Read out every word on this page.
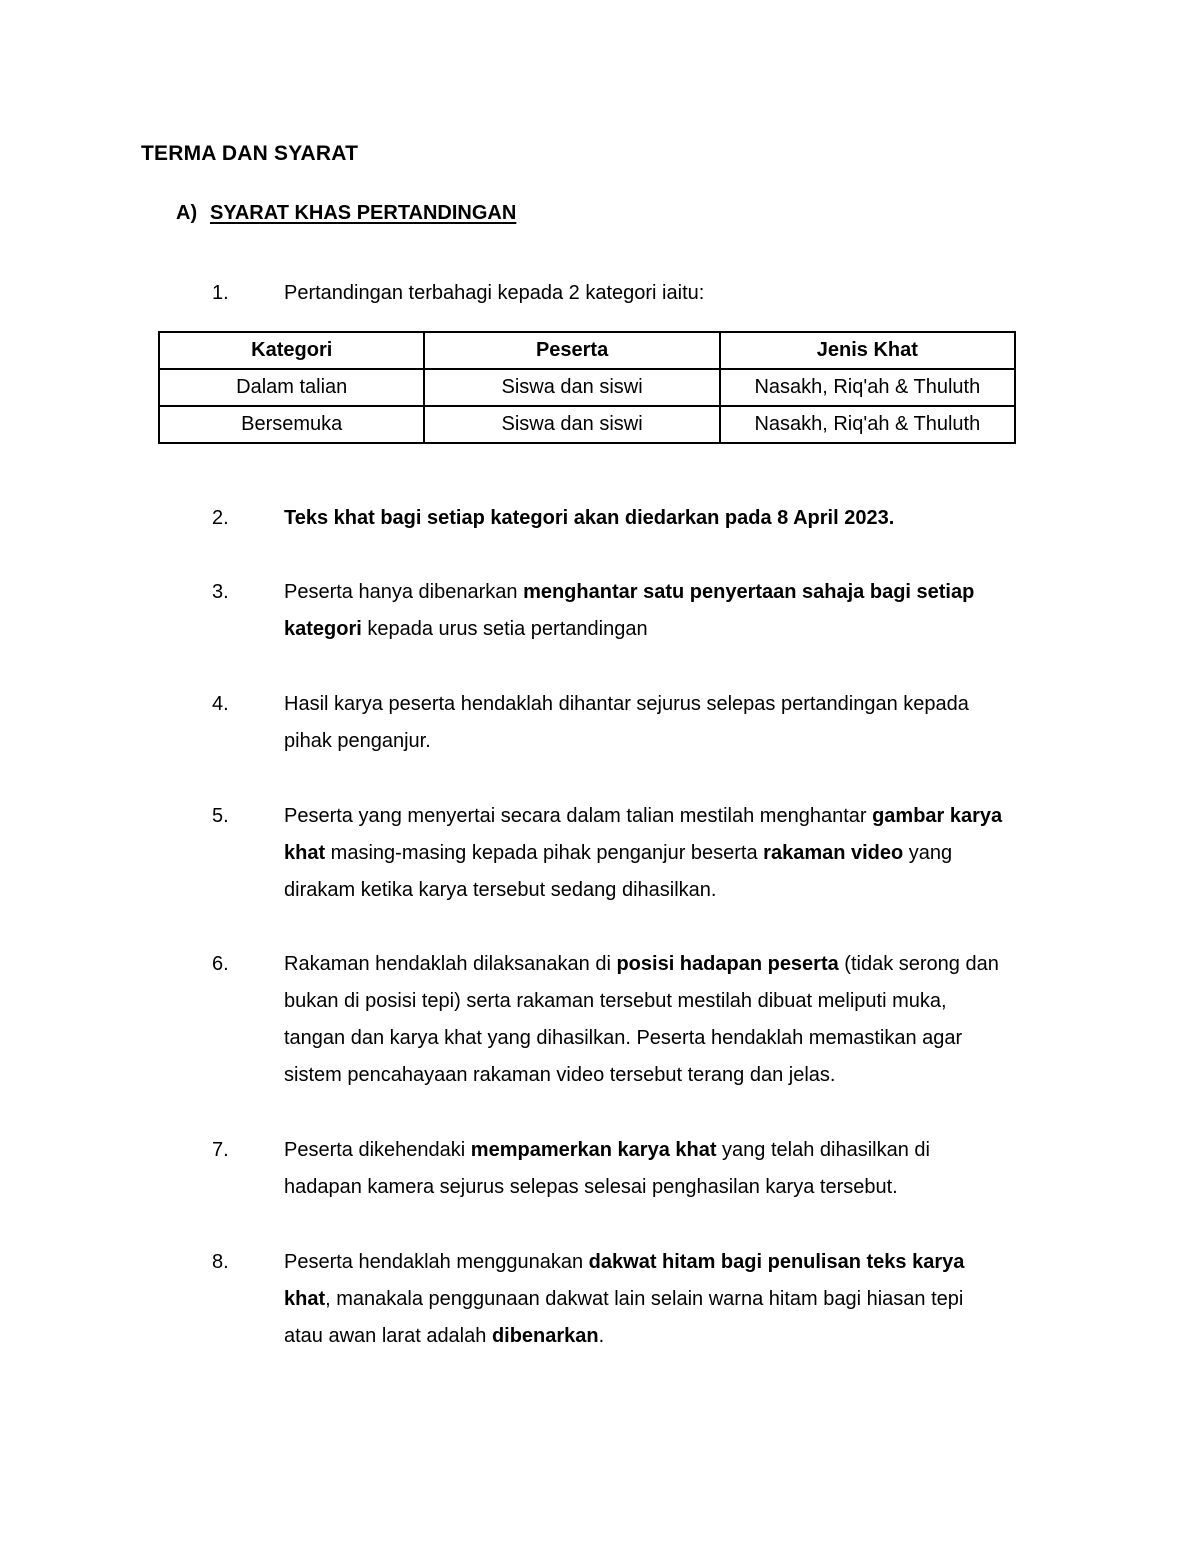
TERMA DAN SYARAT
A) SYARAT KHAS PERTANDINGAN
1.	Pertandingan terbahagi kepada 2 kategori iaitu:
Kategori	Peserta	Jenis Khat
Dalam talian	Siswa dan siswi	Nasakh, Riq'ah & Thuluth
Bersemuka	Siswa dan siswi	Nasakh, Riq'ah & Thuluth
2.	Teks khat bagi setiap kategori akan diedarkan pada 8 April 2023.
3.	Peserta hanya dibenarkan menghantar satu penyertaan sahaja bagi setiap
kategori kepada urus setia pertandingan
4.	Hasil karya peserta hendaklah dihantar sejurus selepas pertandingan kepada
pihak penganjur.
5.	Peserta yang menyertai secara dalam talian mestilah menghantar gambar karya
khat masing-masing kepada pihak penganjur beserta rakaman video yang
dirakam ketika karya tersebut sedang dihasilkan.
6.	Rakaman hendaklah dilaksanakan di posisi hadapan peserta (tidak serong dan
bukan di posisi tepi) serta rakaman tersebut mestilah dibuat meliputi muka,
tangan dan karya khat yang dihasilkan. Peserta hendaklah memastikan agar
sistem pencahayaan rakaman video tersebut terang dan jelas.
7.	Peserta dikehendaki mempamerkan karya khat yang telah dihasilkan di
hadapan kamera sejurus selepas selesai penghasilan karya tersebut.
8.	Peserta hendaklah menggunakan dakwat hitam bagi penulisan teks karya
khat, manakala penggunaan dakwat lain selain warna hitam bagi hiasan tepi
atau awan larat adalah dibenarkan.
